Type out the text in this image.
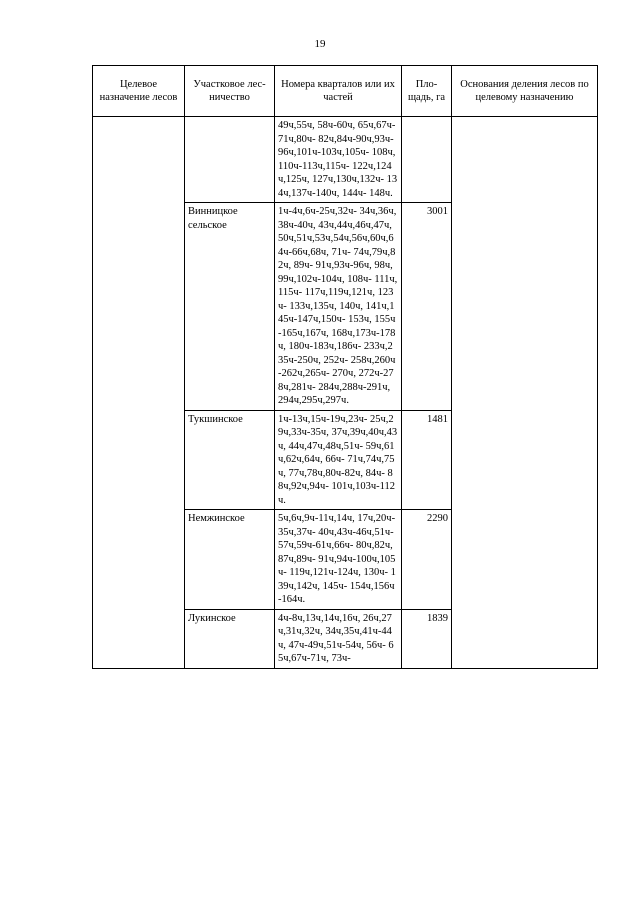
19
Целевое назначение лесов	Участковое лес-ничество	Номера кварталов или их частей	Пло-щадь, га	Основания деления лесов по целевому назначению
		49ч,55ч, 58ч-60ч, 65ч,67ч-71ч,80ч- 82ч,84ч-90ч,93ч- 96ч,101ч-103ч,105ч- 108ч, 110ч-113ч,115ч- 122ч,124ч,125ч, 127ч,130ч,132ч- 134ч,137ч-140ч, 144ч- 148ч.		
	Винницкое сельское	1ч-4ч,6ч-25ч,32ч- 34ч,36ч,38ч-40ч, 43ч,44ч,46ч,47ч, 50ч,51ч,53ч,54ч,56ч,60ч,64ч-66ч,68ч, 71ч- 74ч,79ч,82ч, 89ч- 91ч,93ч-96ч, 98ч, 99ч,102ч-104ч, 108ч- 111ч,115ч- 117ч,119ч,121ч, 123ч- 133ч,135ч, 140ч, 141ч,145ч-147ч,150ч- 153ч, 155ч-165ч,167ч, 168ч,173ч-178ч, 180ч-183ч,186ч- 233ч,235ч-250ч, 252ч- 258ч,260ч-262ч,265ч- 270ч, 272ч-278ч,281ч- 284ч,288ч-291ч, 294ч,295ч,297ч.	3001	
	Тукшинское	1ч-13ч,15ч-19ч,23ч- 25ч,29ч,33ч-35ч, 37ч,39ч,40ч,43ч, 44ч,47ч,48ч,51ч- 59ч,61ч,62ч,64ч, 66ч- 71ч,74ч,75ч, 77ч,78ч,80ч-82ч, 84ч- 88ч,92ч,94ч- 101ч,103ч-112ч.	1481	
	Немжинское	5ч,6ч,9ч-11ч,14ч, 17ч,20ч-35ч,37ч- 40ч,43ч-46ч,51ч- 57ч,59ч-61ч,66ч- 80ч,82ч, 87ч,89ч- 91ч,94ч-100ч,105ч- 119ч,121ч-124ч, 130ч- 139ч,142ч, 145ч- 154ч,156ч-164ч.	2290	
	Лукинское	4ч-8ч,13ч,14ч,16ч, 26ч,27ч,31ч,32ч, 34ч,35ч,41ч-44ч, 47ч-49ч,51ч-54ч, 56ч- 65ч,67ч-71ч, 73ч-	1839	
